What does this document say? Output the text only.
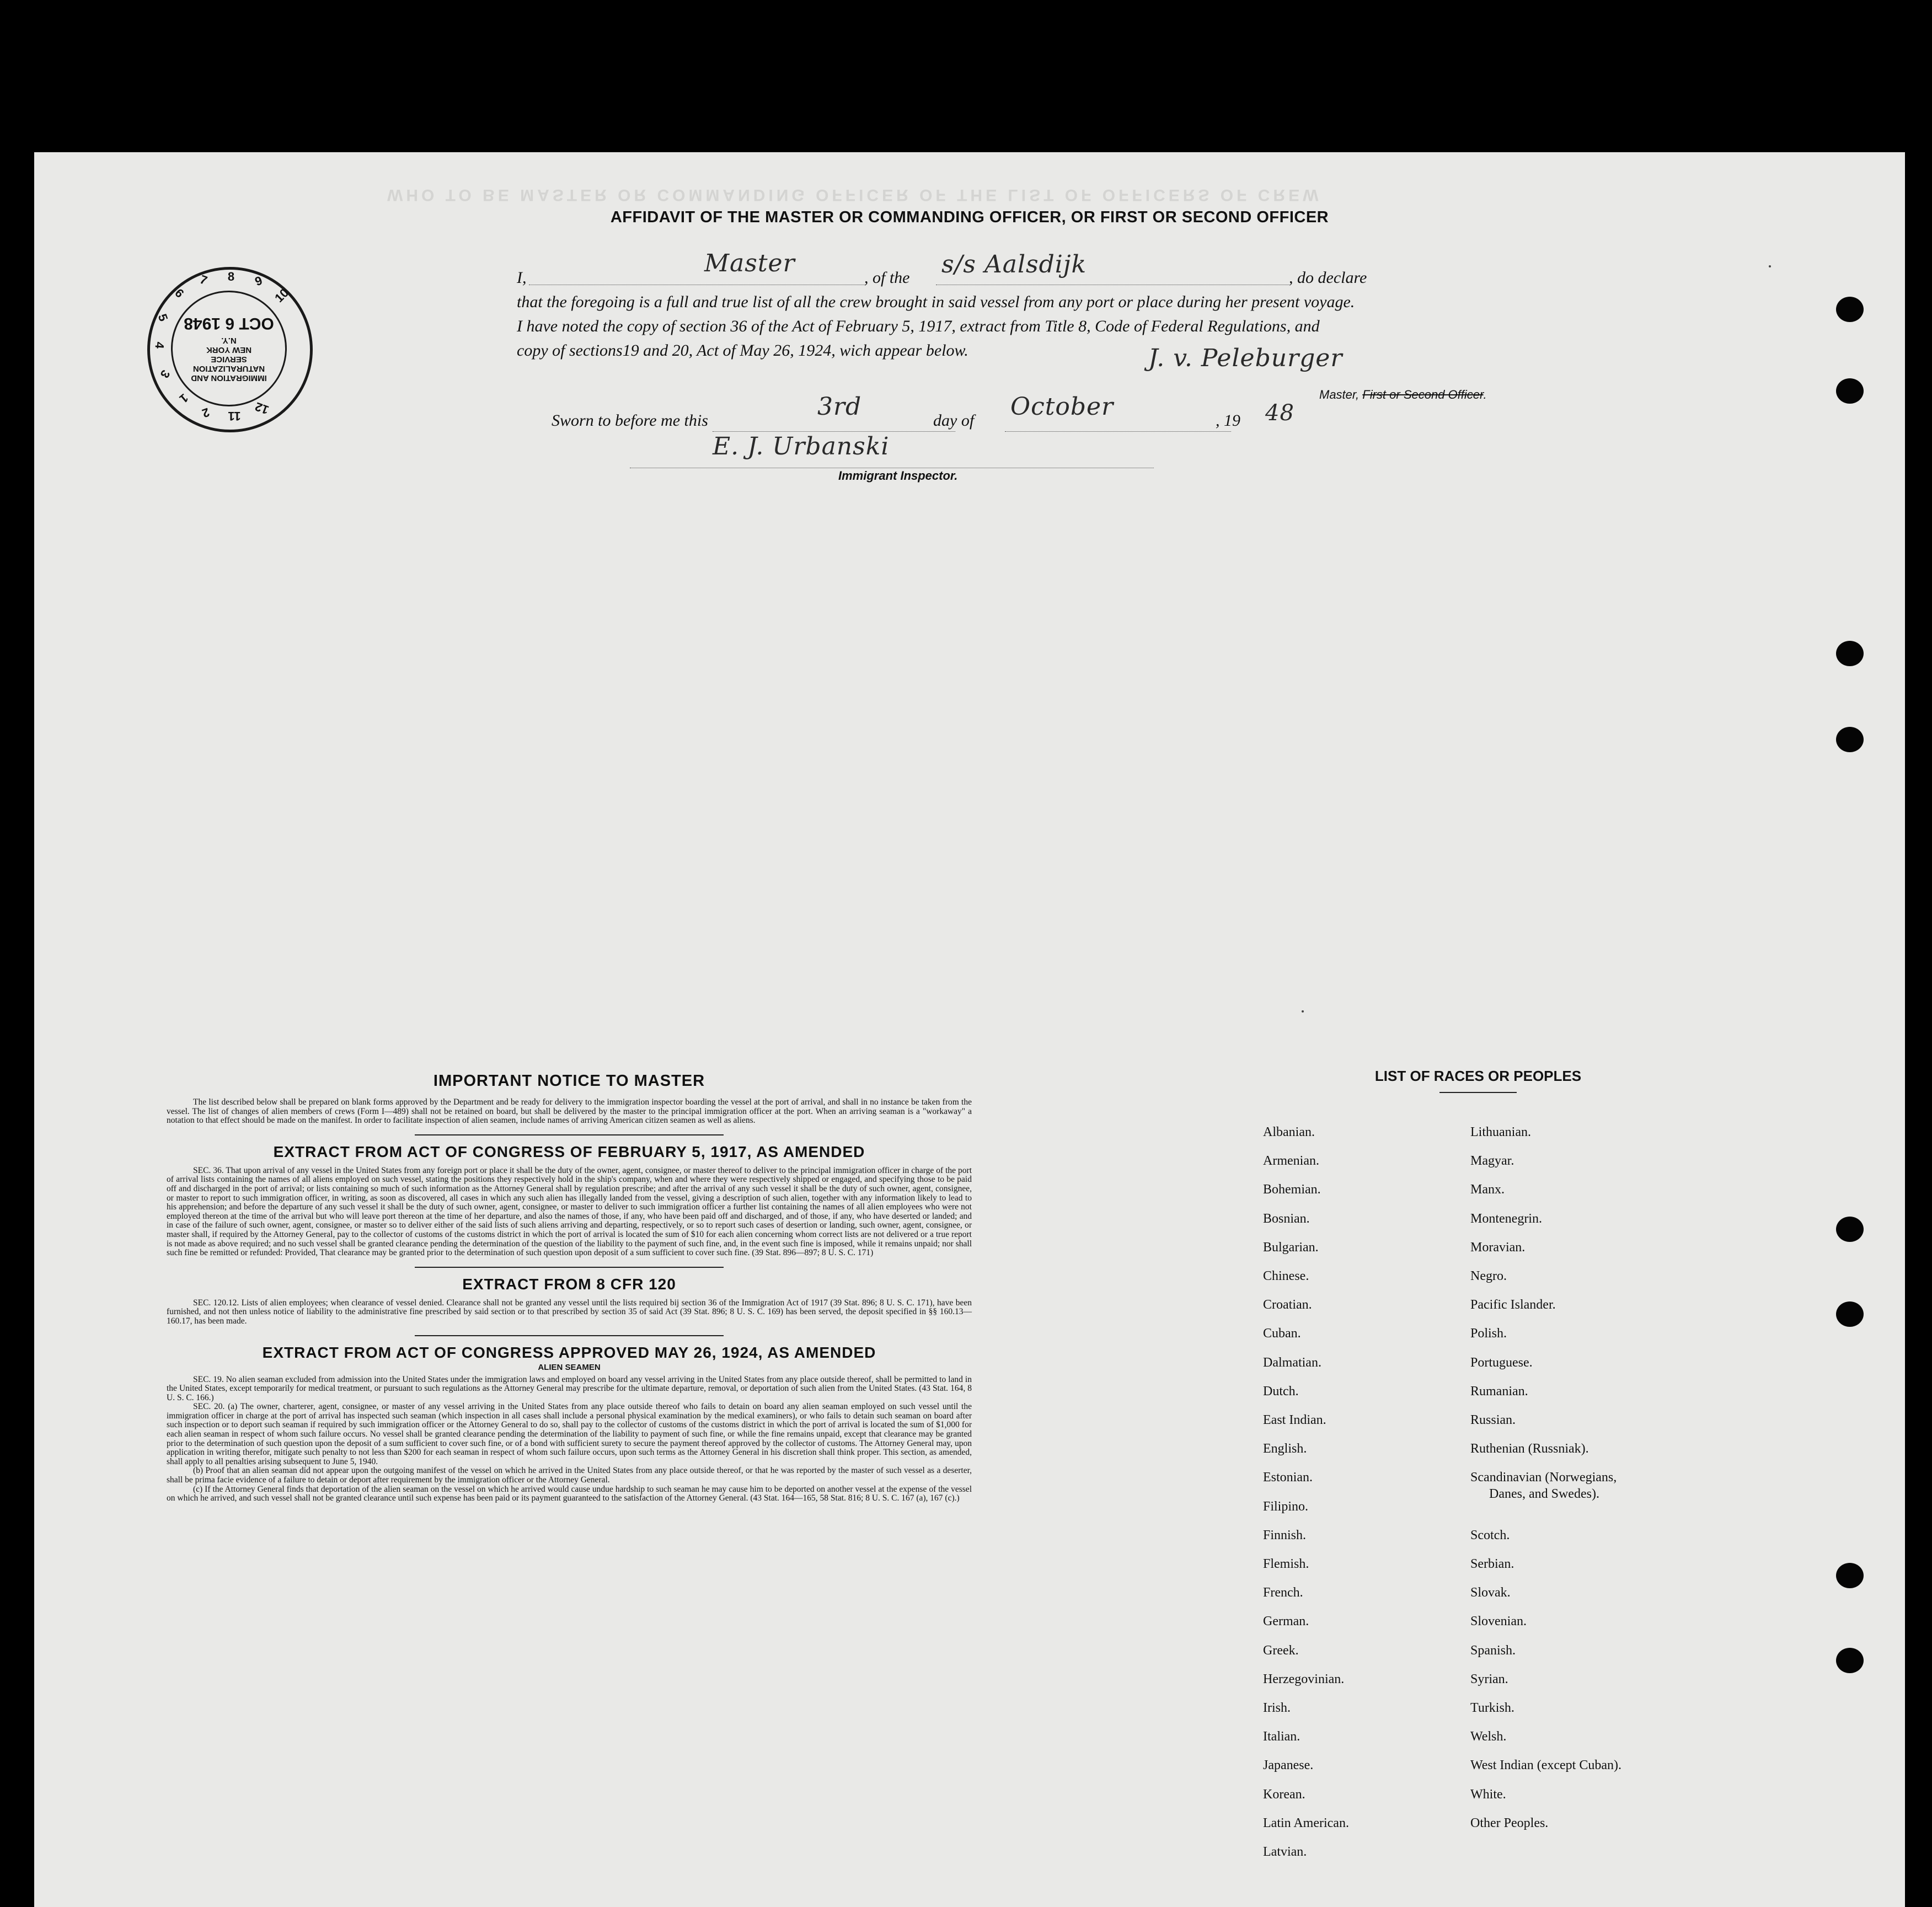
WHO TO BE MASTER OR COMMANDING OFFICER OF THE LIST OF OFFICERS OF CREW
IMMIGRATION AND
NATURALIZATION
SERVICE
NEW YORK
N.Y.
OCT 6 1948
1
2
3
4
5
6
7	8	9
10
11 12
AFFIDAVIT OF THE MASTER OR COMMANDING OFFICER, OR FIRST OR SECOND OFFICER
I,
Master
, of the s/s Aalsdijk	, do declare
that the foregoing is a full and true list of all the crew brought in said vessel from any port or place during her present voyage.
I have noted the copy of section 36 of the Act of February 5, 1917, extract from Title 8, Code of Federal Regulations, and
copy of sections19 and 20, Act of May 26, 1924, wich appear below.	J. v. Peleburger
Master, First or Second Officer.
Sworn to before me this	3rd	day of October	, 19 48
E. J. Urbanski
Immigrant Inspector.
IMPORTANT NOTICE TO MASTER

The list described below shall be prepared on blank forms approved by the Department and be ready for delivery to the immigration inspector boarding the vessel at the port of arrival, and shall in no instance be taken from the vessel. The list of changes of alien members of crews (Form I—489) shall not be retained on board, but shall be delivered by the master to the principal immigration officer at the port. When an arriving seaman is a "workaway" a notation to that effect should be made on the manifest. In order to facilitate inspection of alien seamen, include names of arriving American citizen seamen as well as aliens.

EXTRACT FROM ACT OF CONGRESS OF FEBRUARY 5, 1917, AS AMENDED

SEC. 36. That upon arrival of any vessel in the United States from any foreign port or place it shall be the duty of the owner, agent, consignee, or master thereof to deliver to the principal immigration officer in charge of the port of arrival lists containing the names of all aliens employed on such vessel, stating the positions they respectively hold in the ship's company, when and where they were respectively shipped or engaged, and specifying those to be paid off and discharged in the port of arrival; or lists containing so much of such information as the Attorney General shall by regulation prescribe; and after the arrival of any such vessel it shall be the duty of such owner, agent, consignee, or master to report to such immigration officer, in writing, as soon as discovered, all cases in which any such alien has illegally landed from the vessel, giving a description of such alien, together with any information likely to lead to his apprehension; and before the departure of any such vessel it shall be the duty of such owner, agent, consignee, or master to deliver to such immigration officer a further list containing the names of all alien employees who were not employed thereon at the time of the arrival but who will leave port thereon at the time of her departure, and also the names of those, if any, who have been paid off and discharged, and of those, if any, who have deserted or landed; and in case of the failure of such owner, agent, consignee, or master so to deliver either of the said lists of such aliens arriving and departing, respectively, or so to report such cases of desertion or landing, such owner, agent, consignee, or master shall, if required by the Attorney General, pay to the collector of customs of the customs district in which the port of arrival is located the sum of $10 for each alien concerning whom correct lists are not delivered or a true report is not made as above required; and no such vessel shall be granted clearance pending the determination of the question of the liability to the payment of such fine, and, in the event such fine is imposed, while it remains unpaid; nor shall such fine be remitted or refunded: Provided, That clearance may be granted prior to the determination of such question upon deposit of a sum sufficient to cover such fine. (39 Stat. 896—897; 8 U. S. C. 171)

EXTRACT FROM 8 CFR 120

SEC. 120.12. Lists of alien employees; when clearance of vessel denied. Clearance shall not be granted any vessel until the lists required bij section 36 of the Immigration Act of 1917 (39 Stat. 896; 8 U. S. C. 171), have been furnished, and not then unless notice of liability to the administrative fine prescribed by said section or to that prescribed by section 35 of said Act (39 Stat. 896; 8 U. S. C. 169) has been served, the deposit specified in §§ 160.13—160.17, has been made.

EXTRACT FROM ACT OF CONGRESS APPROVED MAY 26, 1924, AS AMENDED
ALIEN SEAMEN

SEC. 19. No alien seaman excluded from admission into the United States under the immigration laws and employed on board any vessel arriving in the United States from any place outside thereof, shall be permitted to land in the United States, except temporarily for medical treatment, or pursuant to such regulations as the Attorney General may prescribe for the ultimate departure, removal, or deportation of such alien from the United States. (43 Stat. 164, 8 U. S. C. 166.)

SEC. 20. (a) The owner, charterer, agent, consignee, or master of any vessel arriving in the United States from any place outside thereof who fails to detain on board any alien seaman employed on such vessel until the immigration officer in charge at the port of arrival has inspected such seaman (which inspection in all cases shall include a personal physical examination by the medical examiners), or who fails to detain such seaman on board after such inspection or to deport such seaman if required by such immigration officer or the Attorney General to do so, shall pay to the collector of customs of the customs district in which the port of arrival is located the sum of $1,000 for each alien seaman in respect of whom such failure occurs. No vessel shall be granted clearance pending the determination of the liability to payment of such fine, or while the fine remains unpaid, except that clearance may be granted prior to the determination of such question upon the deposit of a sum sufficient to cover such fine, or of a bond with sufficient surety to secure the payment thereof approved by the collector of customs. The Attorney General may, upon application in writing therefor, mitigate such penalty to not less than $200 for each seaman in respect of whom such failure occurs, upon such terms as the Attorney General in his discretion shall think proper. This section, as amended, shall apply to all penalties arising subsequent to June 5, 1940.

(b) Proof that an alien seaman did not appear upon the outgoing manifest of the vessel on which he arrived in the United States from any place outside thereof, or that he was reported by the master of such vessel as a deserter, shall be prima facie evidence of a failure to detain or deport after requirement by the immigration officer or the Attorney General.

(c) If the Attorney General finds that deportation of the alien seaman on the vessel on which he arrived would cause undue hardship to such seaman he may cause him to be deported on another vessel at the expense of the vessel on which he arrived, and such vessel shall not be granted clearance until such expense has been paid or its payment guaranteed to the satisfaction of the Attorney General. (43 Stat. 164—165, 58 Stat. 816; 8 U. S. C. 167 (a), 167 (c).)

LIST OF RACES OR PEOPLES
Albanian.
Armenian.
Bohemian.
Bosnian.
Bulgarian.
Chinese.
Croatian.
Cuban.
Dalmatian.
Dutch.
East Indian.
English.
Estonian.
Filipino.
Finnish.
Flemish.
French.
German.
Greek.
Herzegovinian.
Irish.
Italian.
Japanese.
Korean.
Latin American.
Latvian.
Lithuanian.
Magyar.
Manx.
Montenegrin.
Moravian.
Negro.
Pacific Islander.
Polish.
Portuguese.
Rumanian.
Russian.
Ruthenian (Russniak).
Scandinavian (Norwegians,
Danes, and Swedes).
Scotch.
Serbian.
Slovak.
Slovenian.
Spanish.
Syrian.
Turkish.
Welsh.
West Indian (except Cuban).
White.
Other Peoples.
